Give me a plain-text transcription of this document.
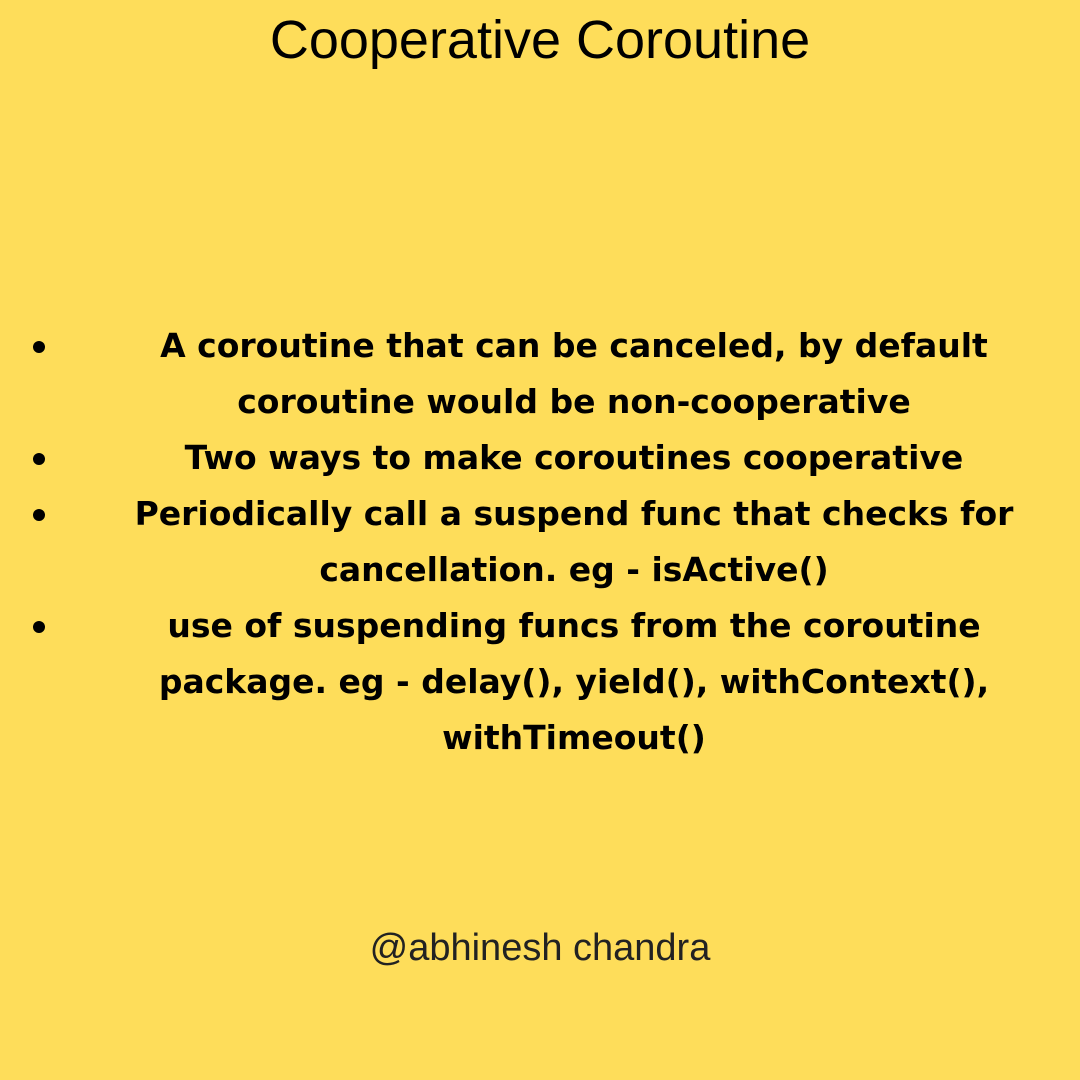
Cooperative Coroutine

A coroutine that can be canceled, by default coroutine would be non-cooperative

Two ways to make coroutines cooperative

Periodically call a suspend func that checks for cancellation. eg - isActive()

use of suspending funcs from the coroutine package. eg - delay(), yield(), withContext(), withTimeout()

@abhinesh chandra
